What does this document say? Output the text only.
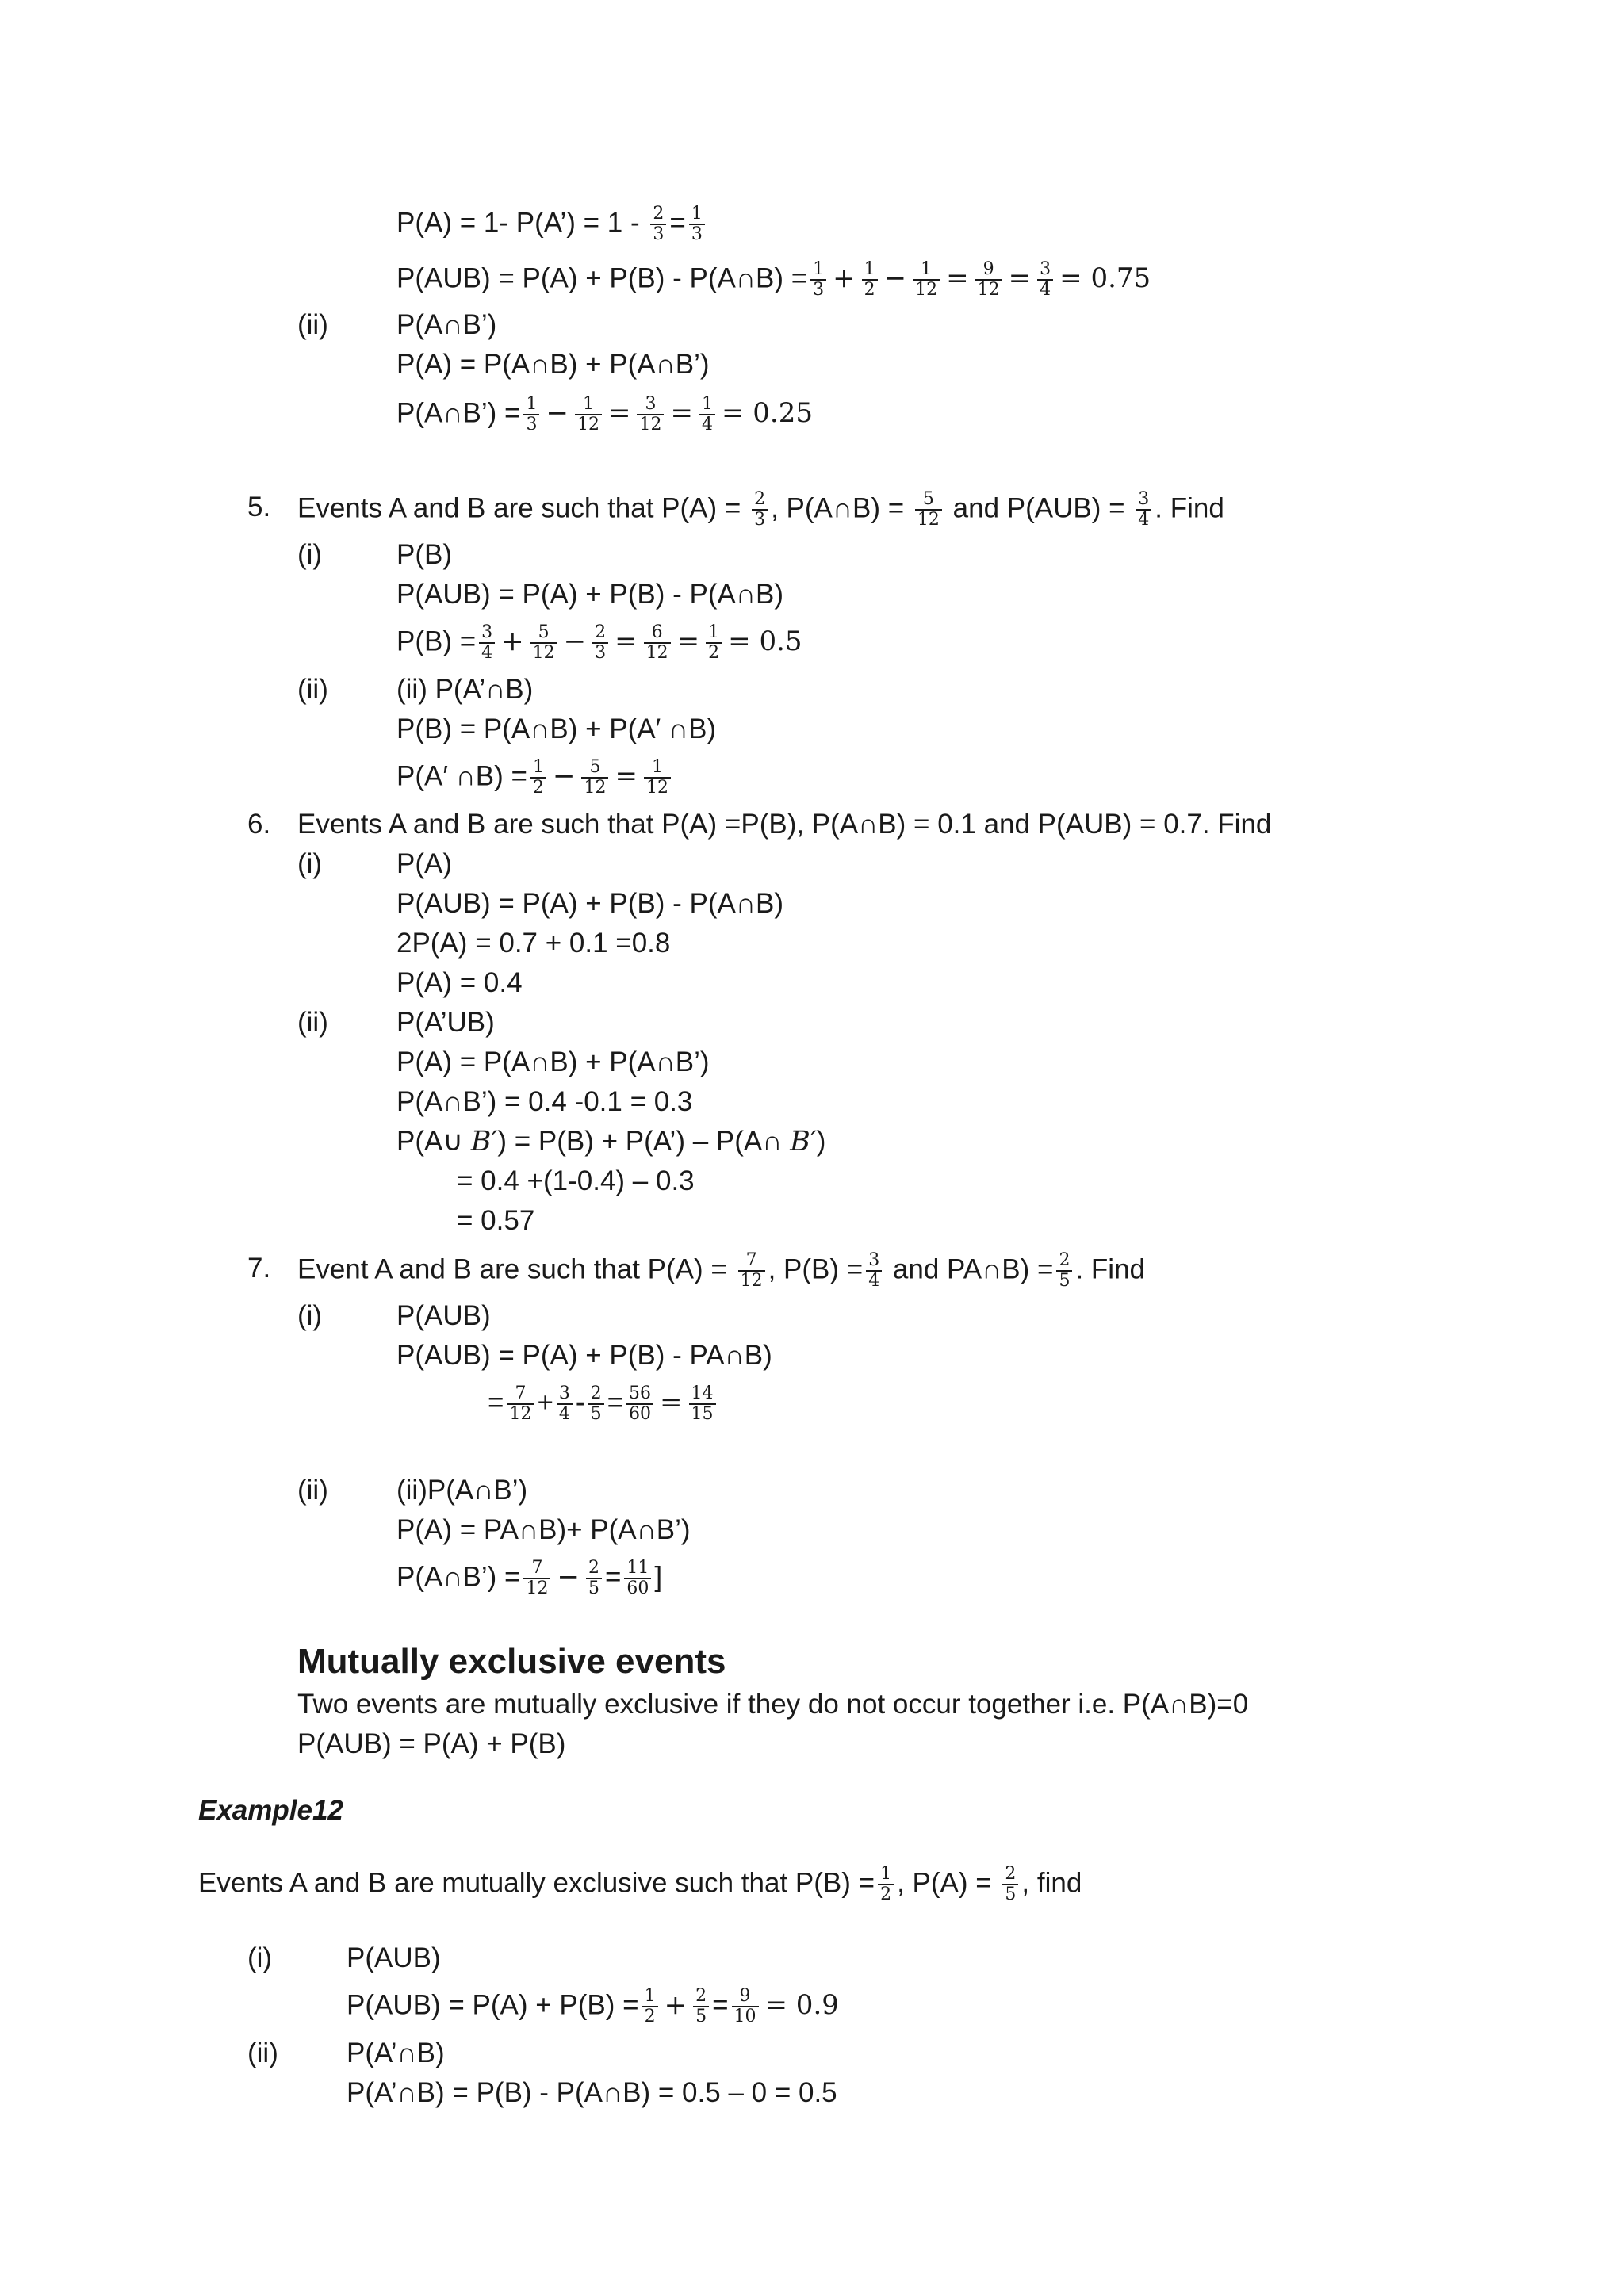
P(A) = 1- P(A’) = $1 - \frac{2}{3} = \frac{1}{3}$
P(AUB) = P(A) + P(B) - P(A∩B) = $\frac{1}{3} + \frac{1}{2} - \frac{1}{12} = \frac{9}{12} = \frac{3}{4} = 0.75$
(ii) P(A∩B’)
P(A) = P(A∩B) + P(A∩B’)
P(A∩B’) = $\frac{1}{3} - \frac{1}{12} = \frac{3}{12} = \frac{1}{4} = 0.25$
5. Events A and B are such that $P(A) = \frac{2}{3}$ , P(A∩B) = $\frac{5}{12}$ and $P(AUB) = \frac{3}{4}$ . Find
(i)	P(B)
P(AUB) = P(A) + P(B) - P(A∩B)
$P(B) = \frac{3}{4} + \frac{5}{12} - \frac{2}{3} = \frac{6}{12} = \frac{1}{2} = 0.5$
(ii) (ii) P(A’∩B)
P(B) = P(A∩B) + P(A′ ∩B)
P(A′ ∩B) = $\frac{1}{2} - \frac{5}{12} = \frac{1}{12}$
6. Events A and B are such that P(A) =P(B), P(A∩B) = 0.1 and P(AUB) = 0.7. Find
(i)	P(A)
P(AUB) = P(A) + P(B) - P(A∩B)
2P(A) = 0.7 + 0.1 =0.8
P(A) = 0.4
(ii) P(A’UB)
P(A) = P(A∩B) + P(A∩B’)
P(A∩B’) = 0.4 -0.1 = 0.3
P(A∪ B′) = P(B) + P(A’) – P(A∩ B′)
= 0.4 +(1-0.4) – 0.3
= 0.57
7. Event A and B are such that $P(A) = \frac{7}{12}$ , $P(B) = \frac{3}{4}$ and PA∩B) = $\frac{2}{5}$ . Find
(i)	P(AUB)
P(AUB) = P(A) + P(B) - PA∩B)
= $\frac{7}{12} + \frac{3}{4} - \frac{2}{5} = \frac{56}{60} = \frac{14}{15}$
(ii) (ii)P(A∩B’)
P(A) = PA∩B)+ P(A∩B’)
P(A∩B’) = $\frac{7}{12} - \frac{2}{5} = \frac{11}{60}$ ]
Mutually exclusive events
Two events are mutually exclusive if they do not occur together i.e. P(A∩B)=0
P(AUB) = P(A) + P(B)
Example12
Events A and B are mutually exclusive such that $P(B) = \frac{1}{2}$ , $P(A) = \frac{2}{5}$ , find
(i)	P(AUB)
$P(AUB) = P(A) + P(B) = \frac{1}{2} + \frac{2}{5} = \frac{9}{10} = 0.9$
(ii) P(A’∩B)
P(A’∩B) = P(B) - P(A∩B) = 0.5 – 0 = 0.5
